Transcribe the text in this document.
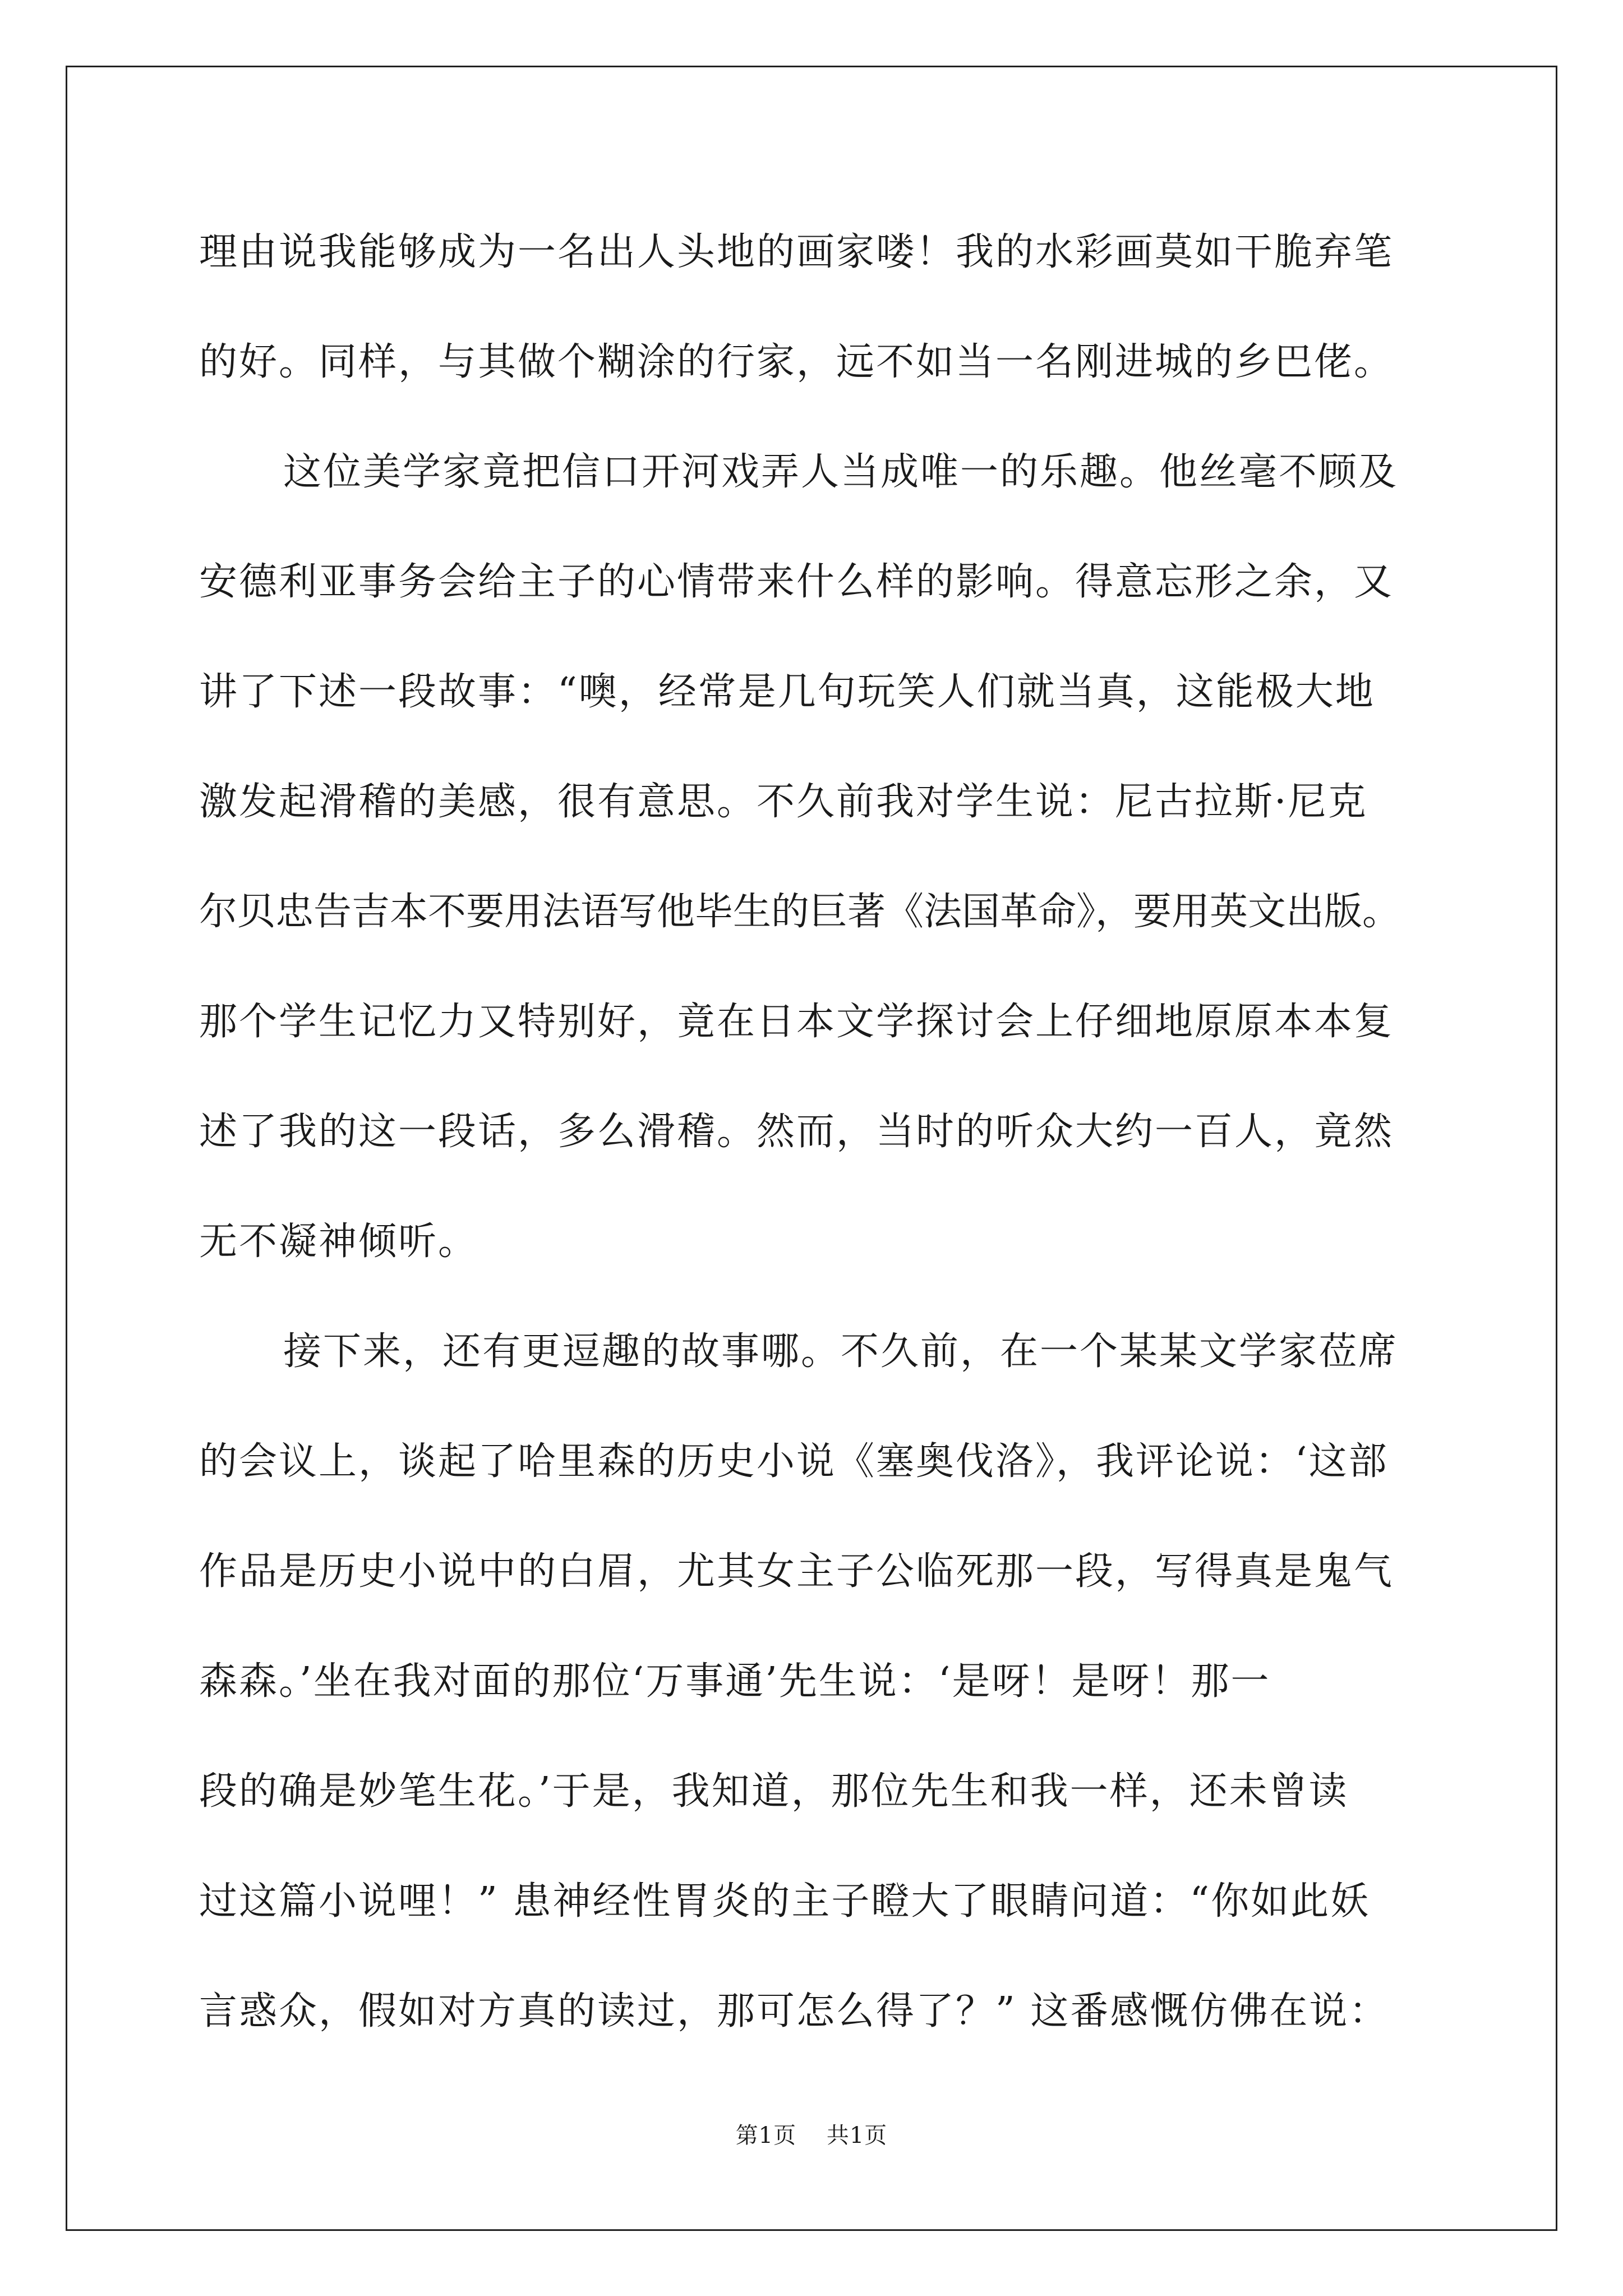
理由说我能够成为一名出人头地的画家喽！我的水彩画莫如干脆弃笔
的好。同样，与其做个糊涂的行家，远不如当一名刚进城的乡巴佬。
这位美学家竟把信口开河戏弄人当成唯一的乐趣。他丝毫不顾及
安德利亚事务会给主子的心情带来什么样的影响。得意忘形之余，又
讲了下述一段故事：“噢，经常是几句玩笑人们就当真，这能极大地
激发起滑稽的美感，很有意思。不久前我对学生说：尼古拉斯·尼克
尔贝忠告吉本不要用法语写他毕生的巨著《法国革命》，要用英文出版。
那个学生记忆力又特别好，竟在日本文学探讨会上仔细地原原本本复
述了我的这一段话，多么滑稽。然而，当时的听众大约一百人，竟然
无不凝神倾听。
接下来，还有更逗趣的故事哪。不久前，在一个某某文学家莅席
的会议上，谈起了哈里森的历史小说《塞奥伐洛》，我评论说：‘这部
作品是历史小说中的白眉，尤其女主子公临死那一段，写得真是鬼气
森森。’坐在我对面的那位‘万事通’先生说：‘是呀！是呀！那一
段的确是妙笔生花。’于是，我知道，那位先生和我一样，还未曾读
过这篇小说哩！” 患神经性胃炎的主子瞪大了眼睛问道：“你如此妖
言惑众，假如对方真的读过，那可怎么得了？” 这番感慨仿佛在说：
第1页 共1页
